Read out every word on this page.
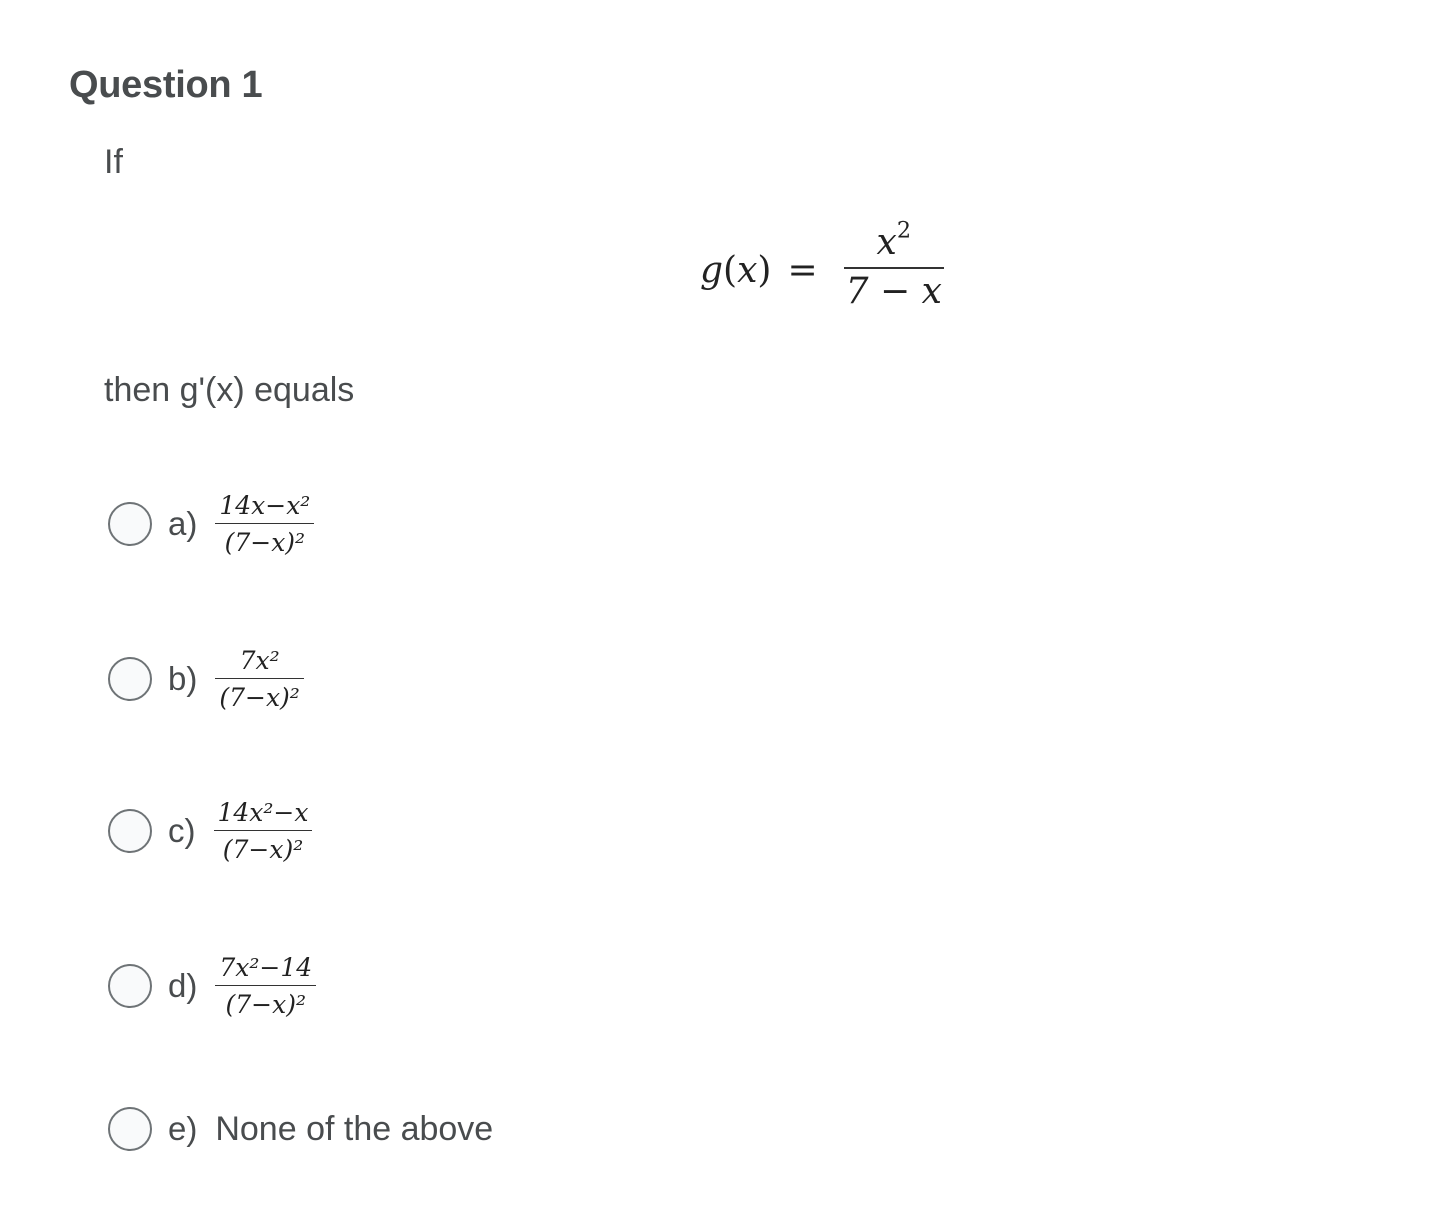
Question 1
If
$g(x) = \frac{x^2}{7 - x}$
then g'(x) equals
$a) \frac{\text{14x−x²}}{\text{(7−x)²}}$
$b) \frac{\text{7x²}}{\text{(7−x)²}}$
$c) \frac{\text{14x²−x}}{\text{(7−x)²}}$
$d) \frac{\text{7x²−14}}{\text{(7−x)²}}$
e) None of the above
